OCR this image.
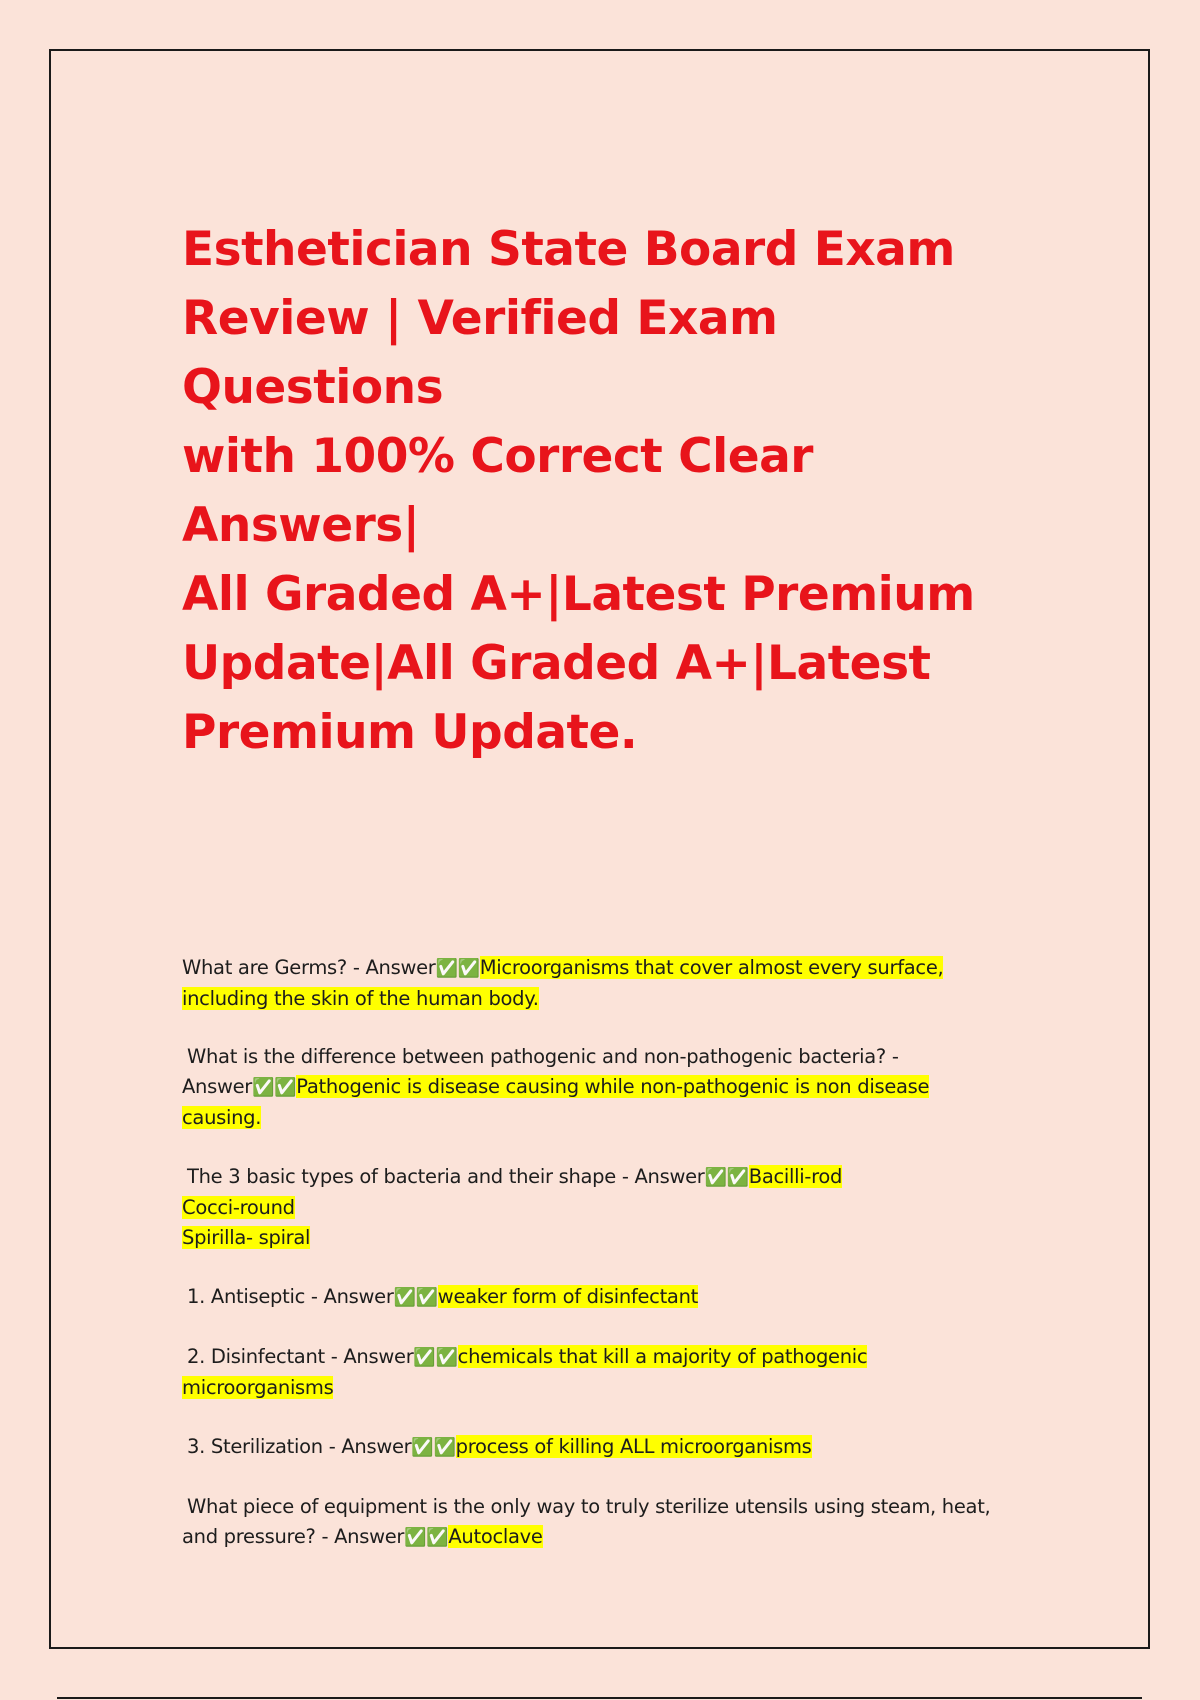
Esthetician State Board Exam
Review | Verified Exam Questions
with 100% Correct Clear Answers|
All Graded A+|Latest Premium
Update|All Graded A+|Latest
Premium Update.

What are Germs? - Answer✅✅Microorganisms that cover almost every surface,
including the skin of the human body.

What is the difference between pathogenic and non-pathogenic bacteria? -
Answer✅✅Pathogenic is disease causing while non-pathogenic is non disease
causing.

The 3 basic types of bacteria and their shape - Answer✅✅Bacilli-rod
Cocci-round
Spirilla- spiral

1. Antiseptic - Answer✅✅weaker form of disinfectant

2. Disinfectant - Answer✅✅chemicals that kill a majority of pathogenic
microorganisms

3. Sterilization - Answer✅✅process of killing ALL microorganisms

What piece of equipment is the only way to truly sterilize utensils using steam, heat,
and pressure? - Answer✅✅Autoclave
